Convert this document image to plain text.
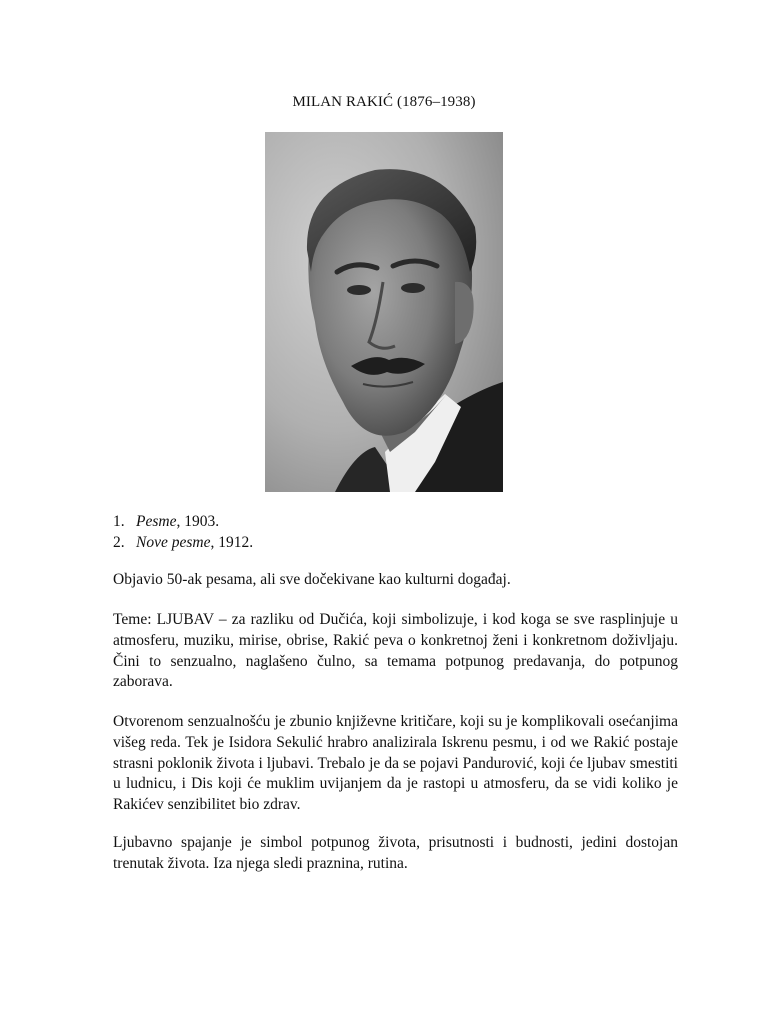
MILAN RAKIĆ (1876–1938)
1. Pesme, 1903.
2. Nove pesme, 1912.

Objavio 50-ak pesama, ali sve dočekivane kao kulturni događaj.

Teme: LJUBAV – za razliku od Dučića, koji simbolizuje, i kod koga se sve rasplinjuje u atmosferu, muziku, mirise, obrise, Rakić peva o konkretnoj ženi i konkretnom doživljaju. Čini to senzualno, naglašeno čulno, sa temama potpunog predavanja, do potpunog zaborava.

Otvorenom senzualnošću je zbunio književne kritičare, koji su je komplikovali osećanjima višeg reda. Tek je Isidora Sekulić hrabro analizirala Iskrenu pesmu, i od we Rakić postaje strasni poklonik života i ljubavi. Trebalo je da se pojavi Pandurović, koji će ljubav smestiti u ludnicu, i Dis koji će muklim uvijanjem da je rastopi u atmosferu, da se vidi koliko je Rakićev senzibilitet bio zdrav.

Ljubavno spajanje je simbol potpunog života, prisutnosti i budnosti, jedini dostojan trenutak života. Iza njega sledi praznina, rutina.
